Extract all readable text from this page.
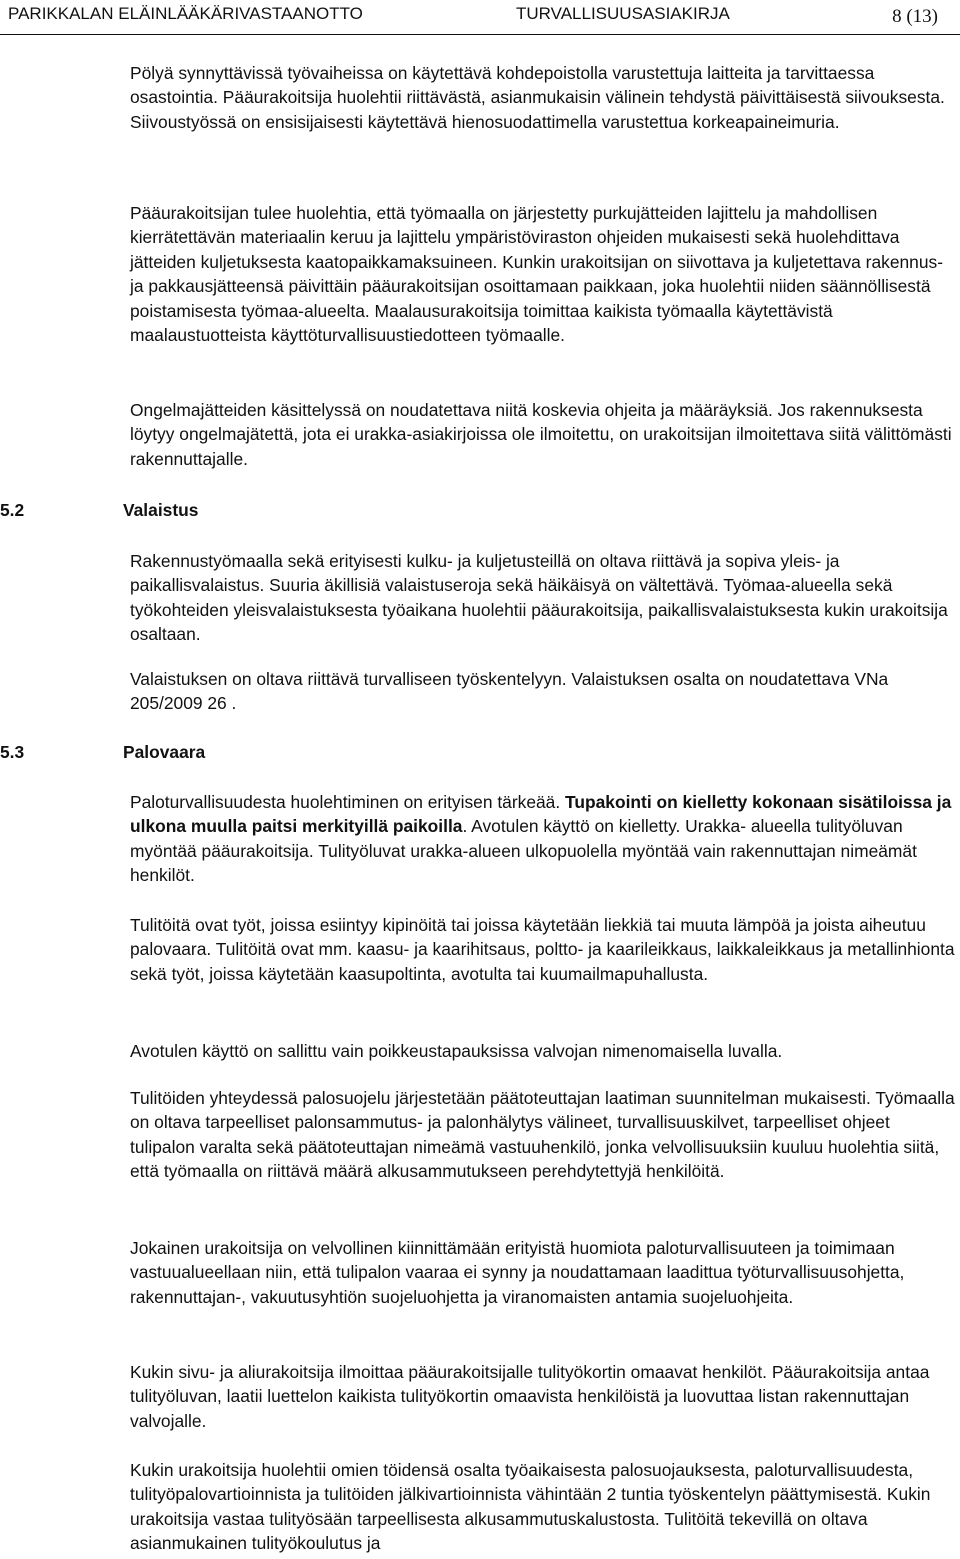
PARIKKALAN ELÄINLÄÄKÄRIVASTAANOTTO	TURVALLISUUSASIAKIRJA	8 (13)

Pölyä synnyttävissä työvaiheissa on käytettävä kohdepoistolla varustettuja laitteita ja tarvittaessa osastointia. Pääurakoitsija huolehtii riittävästä, asianmukaisin välinein tehdystä päivittäisestä siivouksesta. Siivoustyössä on ensisijaisesti käytettävä hienosuodattimella varustettua korkeapaineimuria.

Pääurakoitsijan tulee huolehtia, että työmaalla on järjestetty purkujätteiden lajittelu ja mahdollisen kierrätettävän materiaalin keruu ja lajittelu ympäristöviraston ohjeiden mukaisesti sekä huolehdittava jätteiden kuljetuksesta kaatopaikkamaksuineen. Kunkin urakoitsijan on siivottava ja kuljetettava rakennus- ja pakkausjätteensä päivittäin pääurakoitsijan osoittamaan paikkaan, joka huolehtii niiden säännöllisestä poistamisesta työmaa-alueelta. Maalausurakoitsija toimittaa kaikista työmaalla käytettävistä maalaustuotteista käyttöturvallisuustiedotteen työmaalle.

Ongelmajätteiden käsittelyssä on noudatettava niitä koskevia ohjeita ja määräyksiä. Jos rakennuksesta löytyy ongelmajätettä, jota ei urakka-asiakirjoissa ole ilmoitettu, on urakoitsijan ilmoitettava siitä välittömästi rakennuttajalle.

5.2	Valaistus

Rakennustyömaalla sekä erityisesti kulku- ja kuljetusteillä on oltava riittävä ja sopiva yleis- ja paikallisvalaistus. Suuria äkillisiä valaistuseroja sekä häikäisyä on vältettävä. Työmaa-alueella sekä työkohteiden yleisvalaistuksesta työaikana huolehtii pääurakoitsija, paikallisvalaistuksesta kukin urakoitsija osaltaan.

Valaistuksen on oltava riittävä turvalliseen työskentelyyn. Valaistuksen osalta on noudatettava VNa 205/2009 26 .

5.3	Palovaara

Paloturvallisuudesta huolehtiminen on erityisen tärkeää. Tupakointi on kielletty kokonaan sisätiloissa ja ulkona muulla paitsi merkityillä paikoilla. Avotulen käyttö on kielletty. Urakka- alueella tulityöluvan myöntää pääurakoitsija. Tulityöluvat urakka-alueen ulkopuolella myöntää vain rakennuttajan nimeämät henkilöt.

Tulitöitä ovat työt, joissa esiintyy kipinöitä tai joissa käytetään liekkiä tai muuta lämpöä ja joista aiheutuu palovaara. Tulitöitä ovat mm. kaasu- ja kaarihitsaus, poltto- ja kaarileikkaus, laikkaleikkaus ja metallinhionta sekä työt, joissa käytetään kaasupoltinta, avotulta tai kuumailmapuhallusta.

Avotulen käyttö on sallittu vain poikkeustapauksissa valvojan nimenomaisella luvalla.

Tulitöiden yhteydessä palosuojelu järjestetään päätoteuttajan laatiman suunnitelman mukaisesti. Työmaalla on oltava tarpeelliset palonsammutus- ja palonhälytys välineet, turvallisuuskilvet, tarpeelliset ohjeet tulipalon varalta sekä päätoteuttajan nimeämä vastuuhenkilö, jonka velvollisuuksiin kuuluu huolehtia siitä, että työmaalla on riittävä määrä alkusammutukseen perehdytettyjä henkilöitä.

Jokainen urakoitsija on velvollinen kiinnittämään erityistä huomiota paloturvallisuuteen ja toimimaan vastuualueellaan niin, että tulipalon vaaraa ei synny ja noudattamaan laadittua työturvallisuusohjetta, rakennuttajan-, vakuutusyhtiön suojeluohjetta ja viranomaisten antamia suojeluohjeita.

Kukin sivu- ja aliurakoitsija ilmoittaa pääurakoitsijalle tulityökortin omaavat henkilöt. Pääurakoitsija antaa tulityöluvan, laatii luettelon kaikista tulityökortin omaavista henkilöistä ja luovuttaa listan rakennuttajan valvojalle.

Kukin urakoitsija huolehtii omien töidensä osalta työaikaisesta palosuojauksesta, paloturvallisuudesta, tulityöpalovartioinnista ja tulitöiden jälkivartioinnista vähintään 2 tuntia työskentelyn päättymisestä. Kukin urakoitsija vastaa tulityösään tarpeellisesta alkusammutuskalustosta. Tulitöitä tekevillä on oltava asianmukainen tulityökoulutus ja
